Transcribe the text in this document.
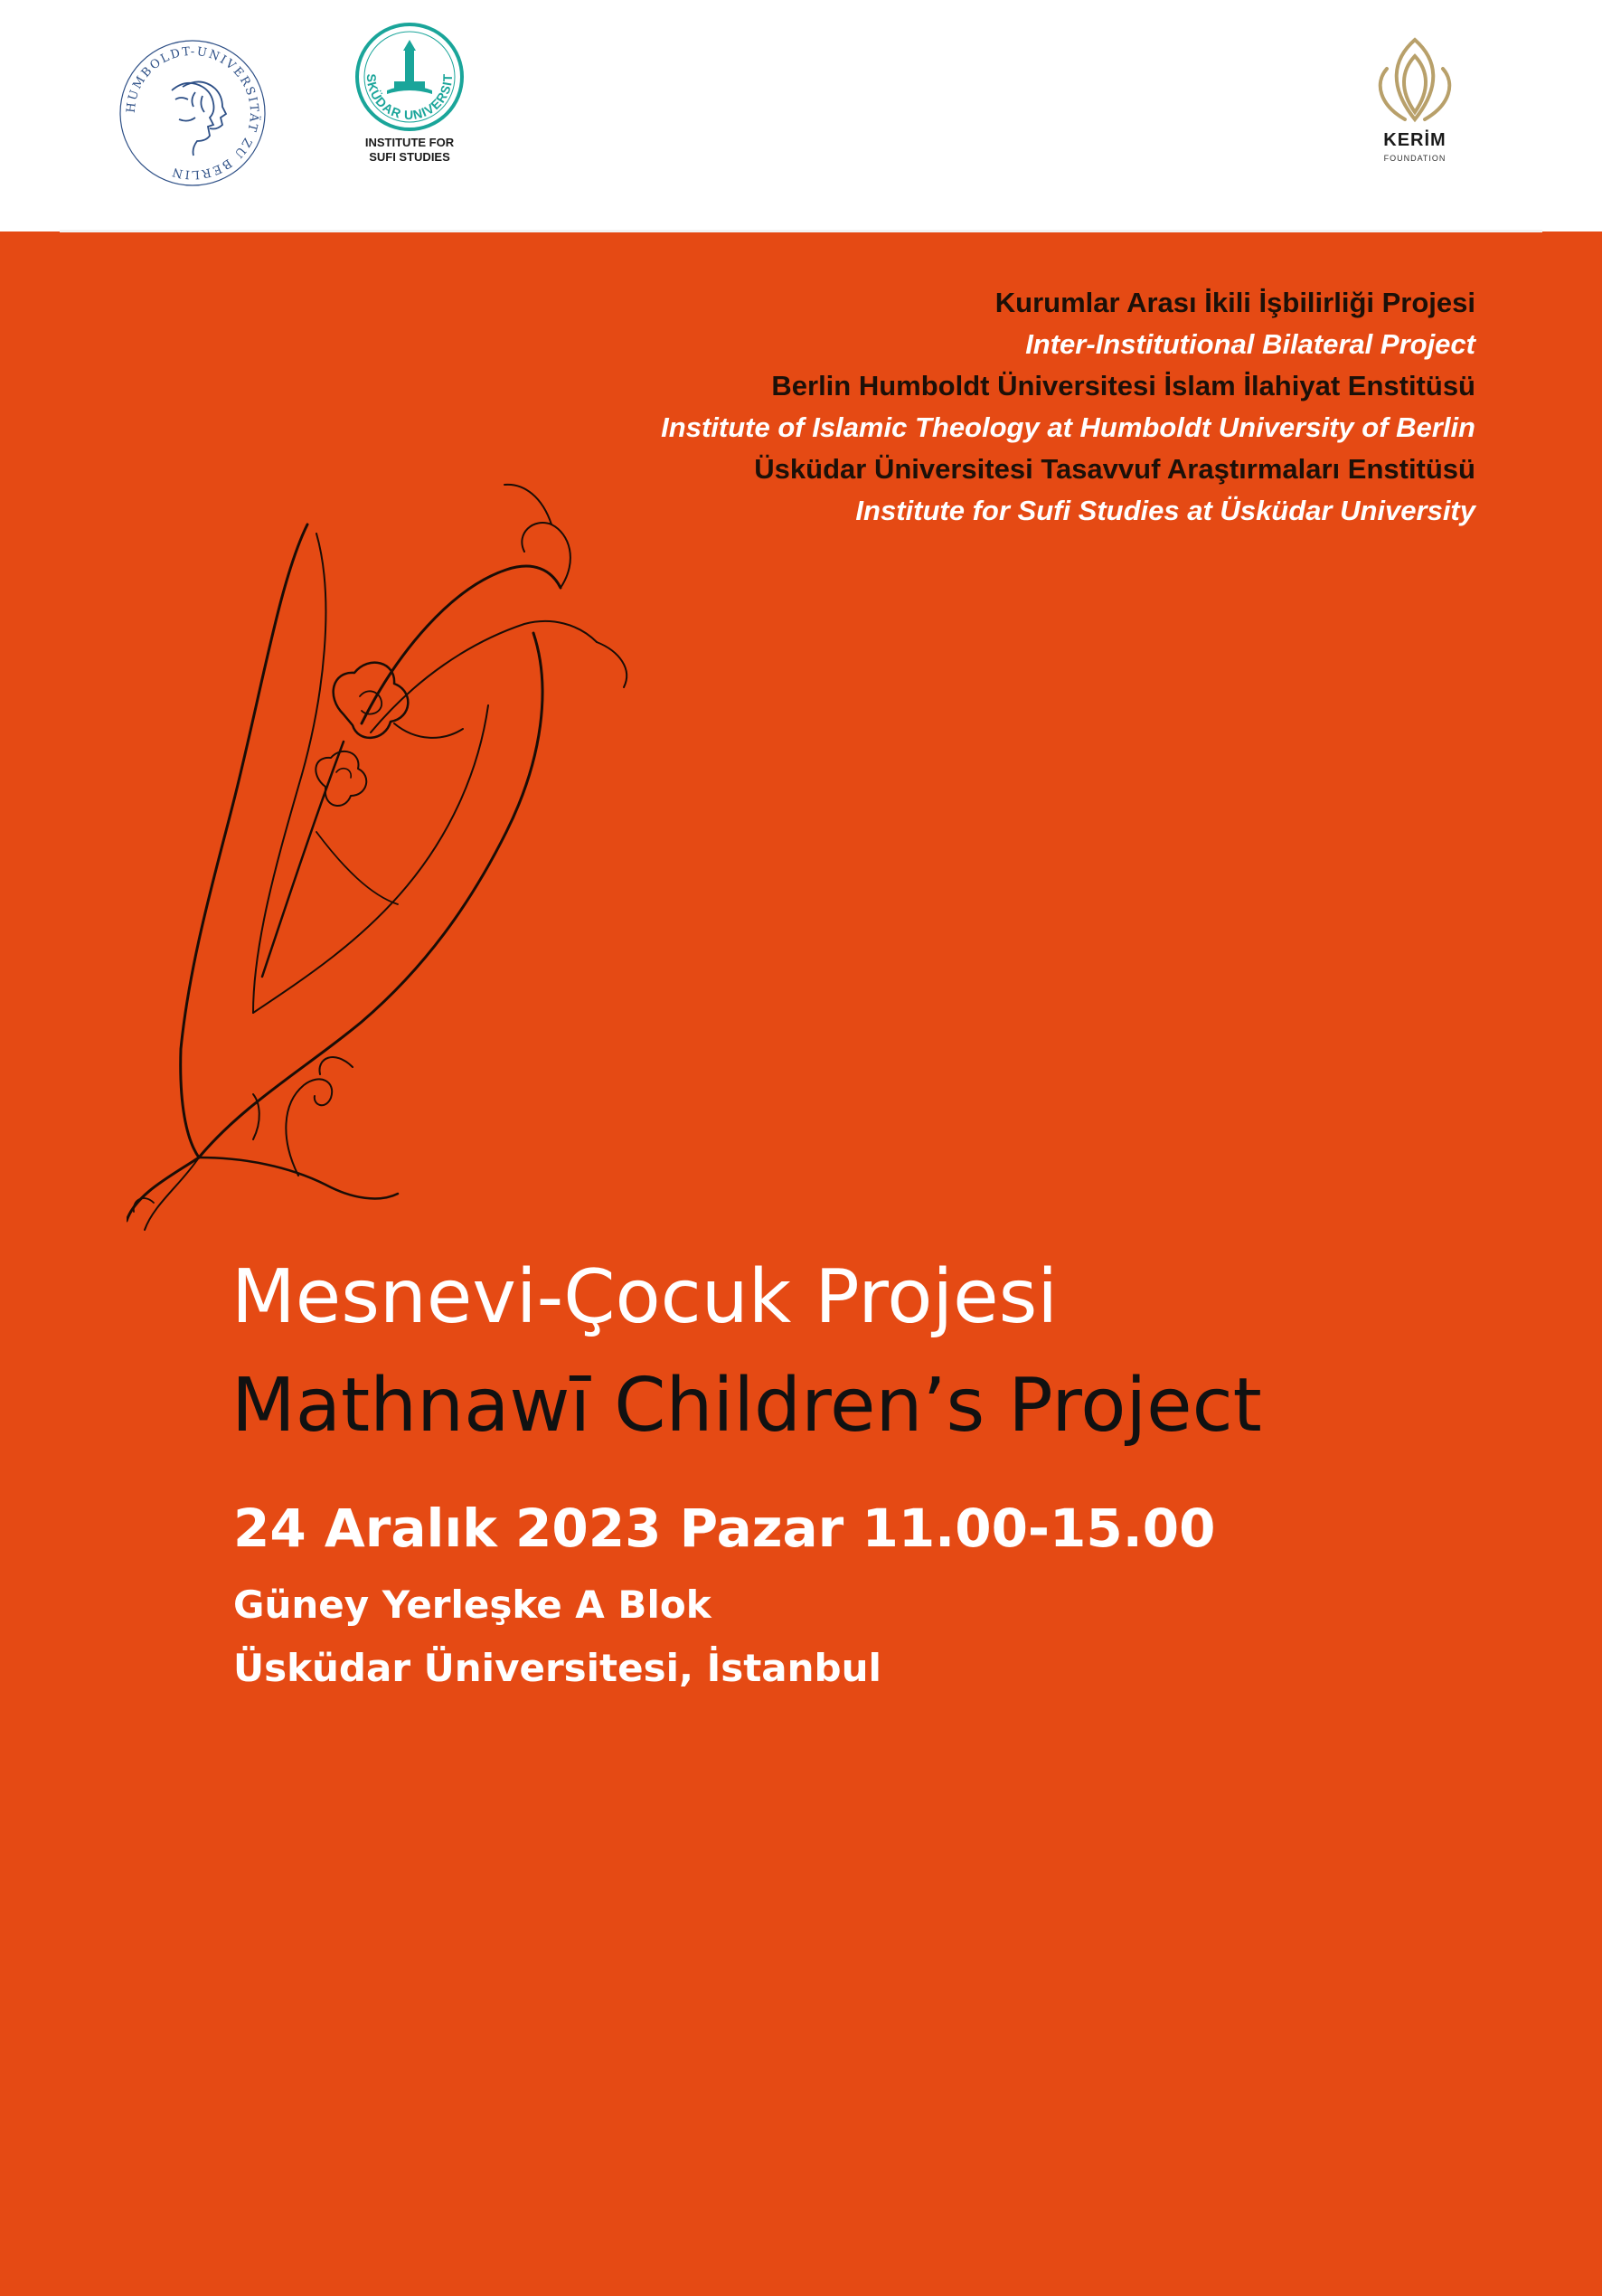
HUMBOLDT-UNIVERSITÄT ZU BERLIN
SKÜDAR UNIVERSIT
INSTITUTE FOR
SUFI STUDIES
KERİM
FOUNDATION
Kurumlar Arası İkili İşbilirliği Projesi
Inter-Institutional Bilateral Project
Berlin Humboldt Üniversitesi İslam İlahiyat Enstitüsü
Institute of Islamic Theology at Humboldt University of Berlin
Üsküdar Üniversitesi Tasavvuf Araştırmaları Enstitüsü
Institute for Sufi Studies at Üsküdar University
Mesnevi-Çocuk Projesi
Mathnawī Children’s Project
24 Aralık 2023 Pazar 11.00-15.00
Güney Yerleşke A Blok
Üsküdar Üniversitesi, İstanbul
